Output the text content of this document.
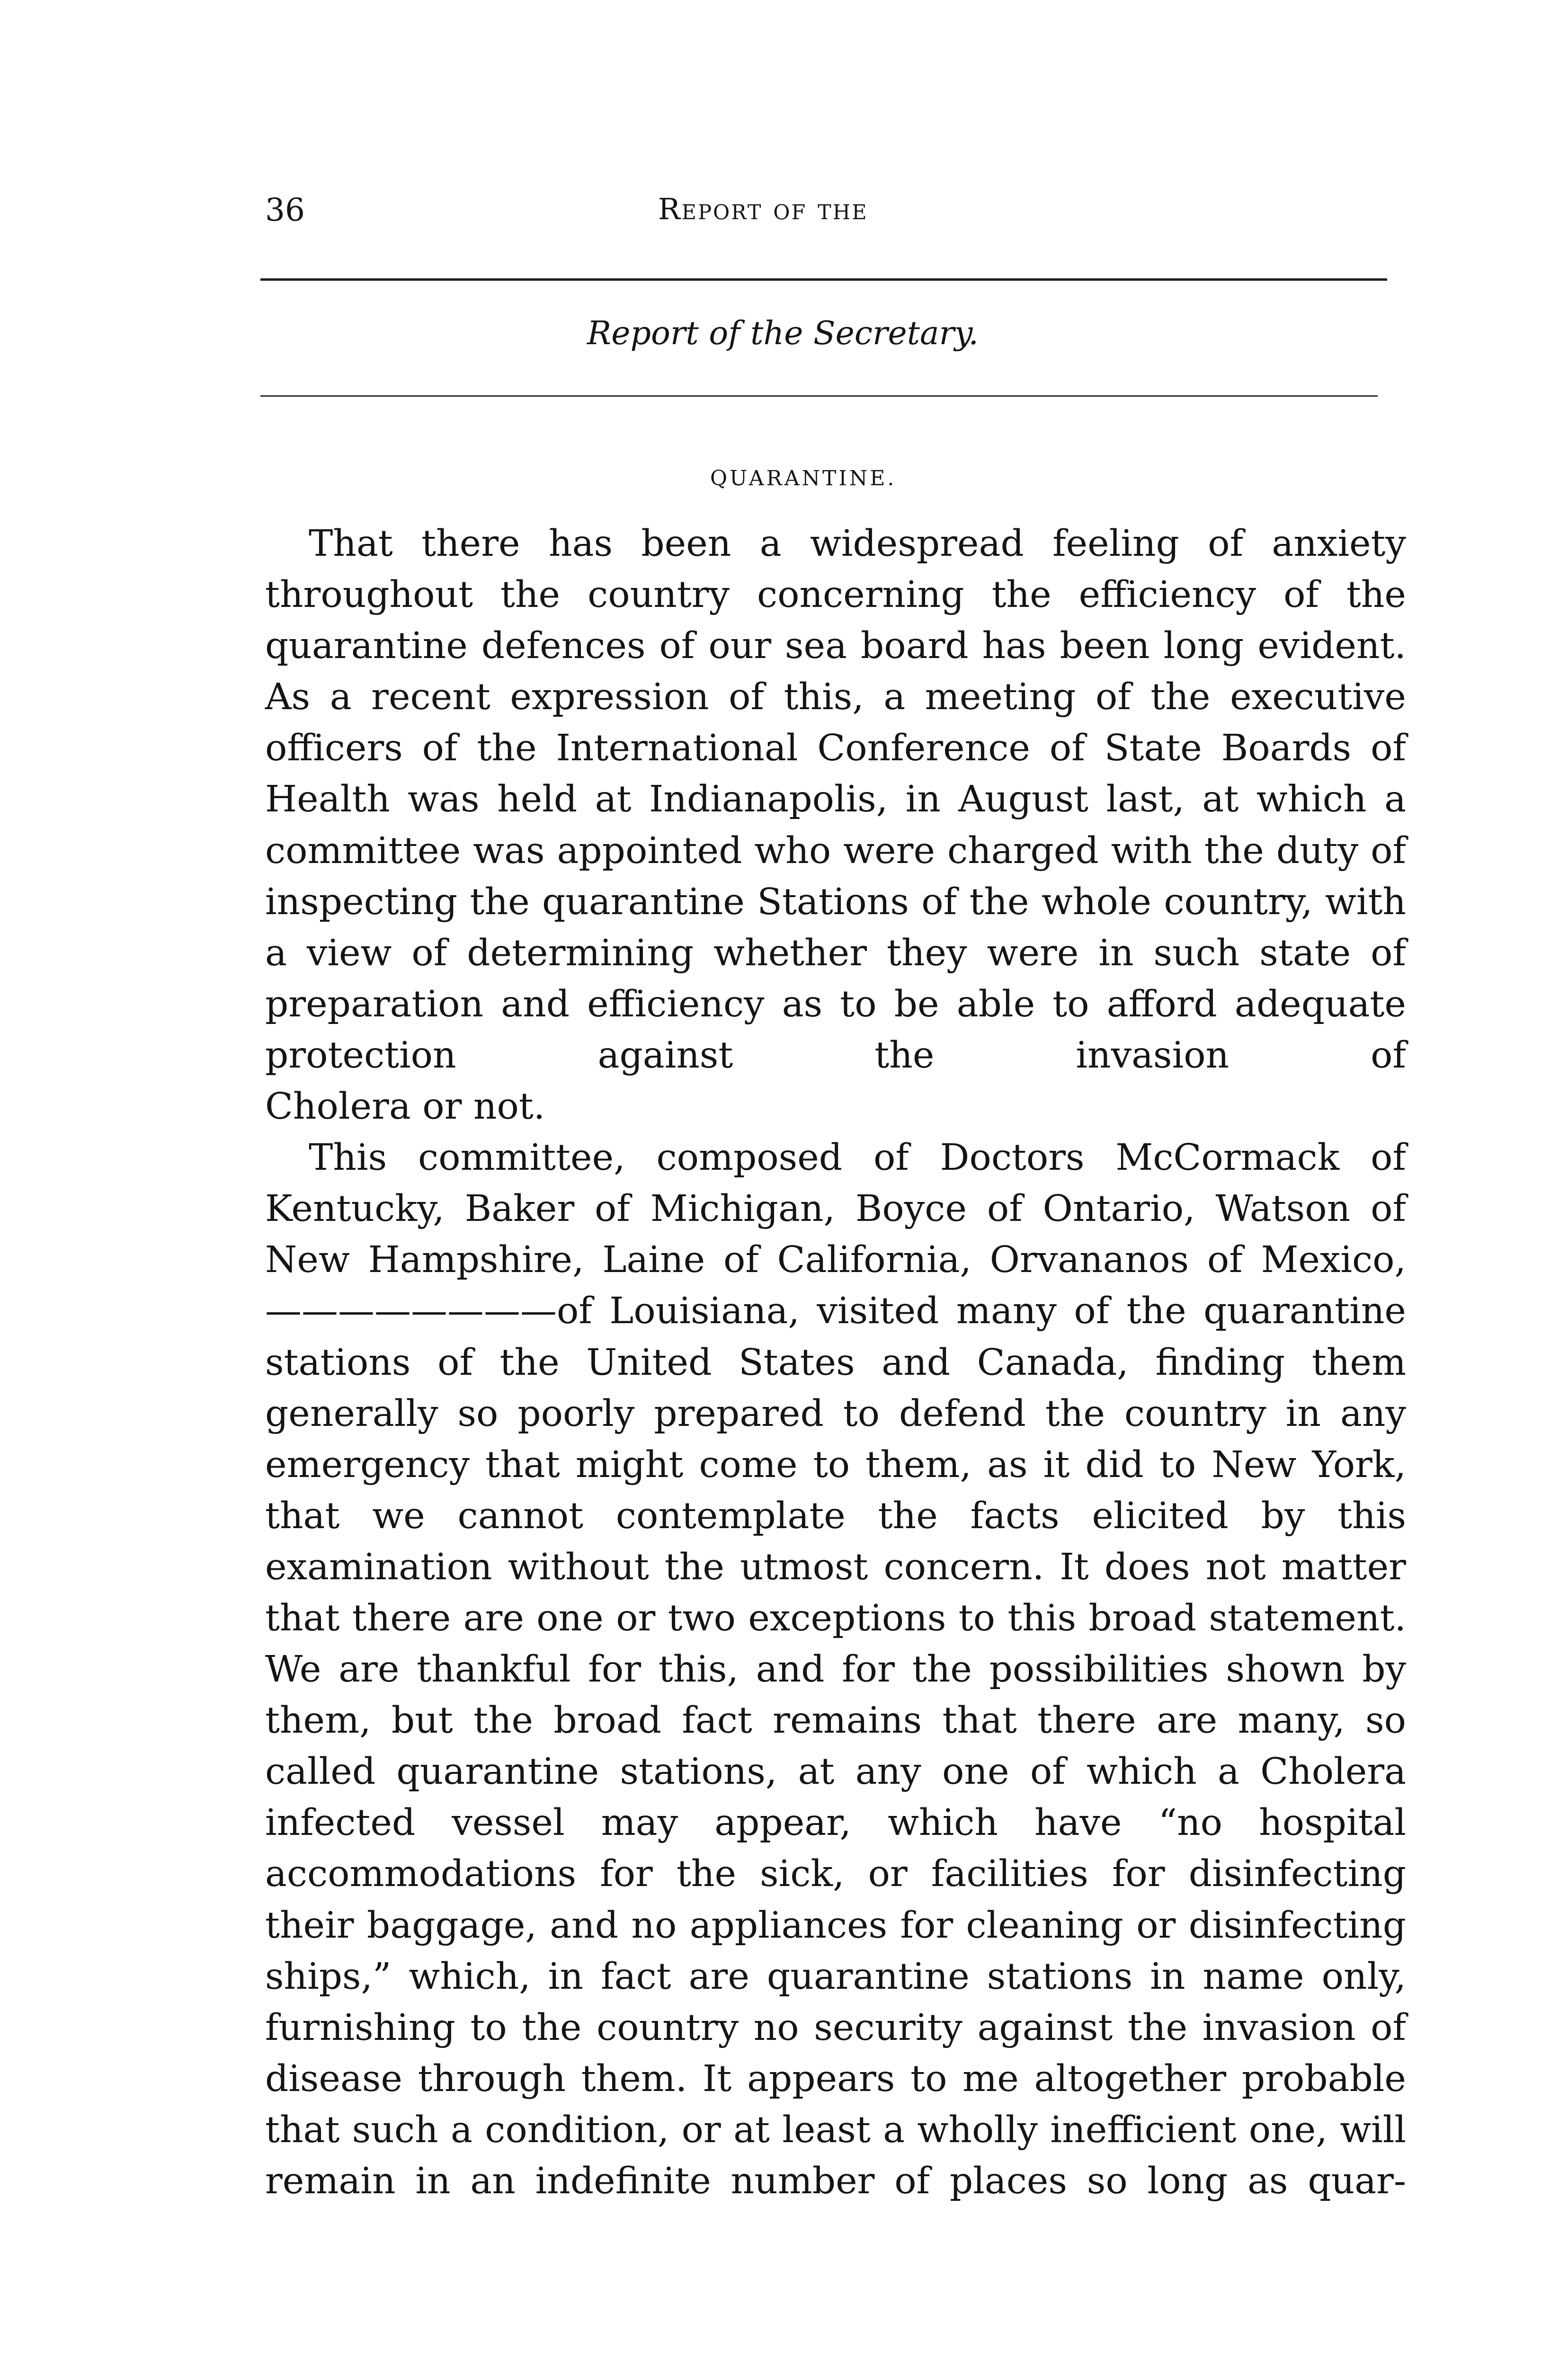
36	Report of the
Report of the Secretary.
QUARANTINE.

That there has been a widespread feeling of anxiety throughout the country concerning the efficiency of the quarantine defences of our sea board has been long evident. As a recent expression of this, a meeting of the executive officers of the International Conference of State Boards of Health was held at Indianapolis, in August last, at which a committee was appointed who were charged with the duty of inspecting the quarantine Stations of the whole country, with a view of determining whether they were in such state of preparation and efficiency as to be able to afford adequate protection against the invasion of

Cholera or not.

This committee, composed of Doctors McCormack of Kentucky, Baker of Michigan, Boyce of Ontario, Watson of New Hampshire, Laine of California, Orvananos of Mexico,————————of Louisiana, visited many of the quarantine stations of the United States and Canada, finding them generally so poorly prepared to defend the country in any emergency that might come to them, as it did to New York, that we cannot contemplate the facts elicited by this examination without the utmost concern. It does not matter that there are one or two exceptions to this broad statement. We are thankful for this, and for the possibilities shown by them, but the broad fact remains that there are many, so called quarantine stations, at any one of which a Cholera infected vessel may appear, which have “no hospital accommodations for the sick, or facilities for disinfecting their baggage, and no appliances for cleaning or disinfecting ships,” which, in fact are quarantine stations in name only, furnishing to the country no security against the invasion of disease through them. It appears to me altogether probable that such a condition, or at least a wholly inefficient one, will remain in an indefinite number of places so long as quar-
